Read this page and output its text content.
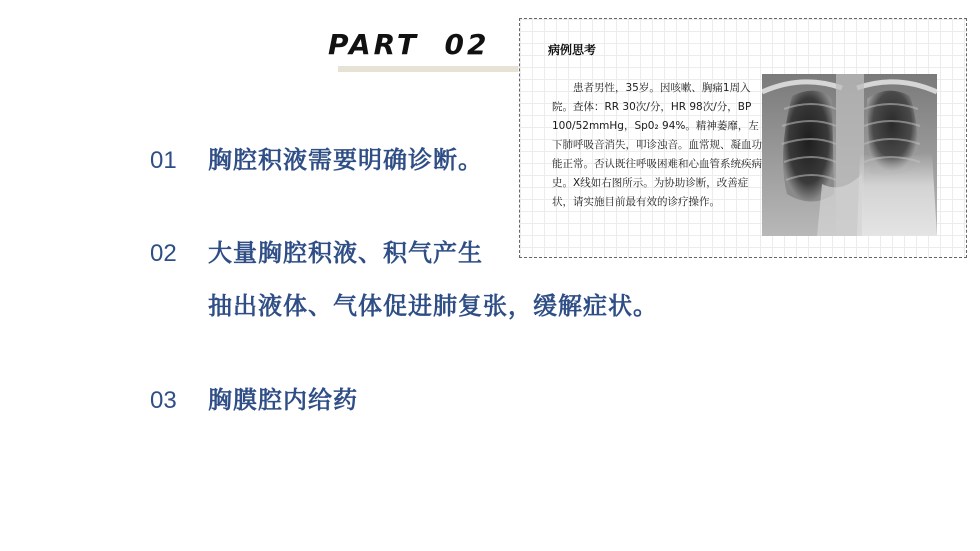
PART  02
01 胸腔积液需要明确诊断。
02 大量胸腔积液、积气产生
抽出液体、气体促进肺复张，缓解症状。
03 胸膜腔内给药
病例思考

　　患者男性，35岁。因咳嗽、胸痛1周入院。查体：RR 30次/分，HR 98次/分，BP 100/52mmHg，Sp0₂ 94%。精神萎靡，左下肺呼吸音消失，叩诊浊音。血常规、凝血功能正常。否认既往呼吸困难和心血管系统疾病史。X线如右图所示。为协助诊断，改善症状，请实施目前最有效的诊疗操作。
